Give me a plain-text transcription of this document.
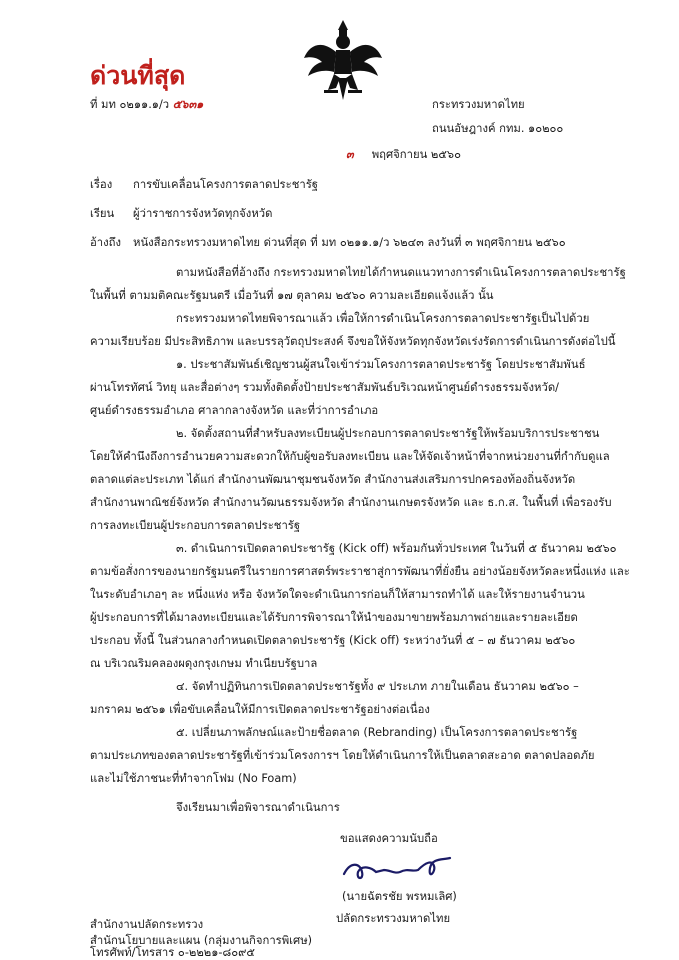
ด่วนที่สุด
ที่ มท ๐๒๑๑.๑/ว ๕๖๓๑	กระทรวงมหาดไทย
ถนนอัษฎางค์ กทม. ๑๐๒๐๐
๓ พฤศจิกายน ๒๕๖๐
เรื่อง การขับเคลื่อนโครงการตลาดประชารัฐ
เรียน ผู้ว่าราชการจังหวัดทุกจังหวัด
อ้างถึง หนังสือกระทรวงมหาดไทย ด่วนที่สุด ที่ มท ๐๒๑๑.๑/ว ๖๒๔๓ ลงวันที่ ๓ พฤศจิกายน ๒๕๖๐
ตามหนังสือที่อ้างถึง กระทรวงมหาดไทยได้กำหนดแนวทางการดำเนินโครงการตลาดประชารัฐ
ในพื้นที่ ตามมติคณะรัฐมนตรี เมื่อวันที่ ๑๗ ตุลาคม ๒๕๖๐ ความละเอียดแจ้งแล้ว นั้น
กระทรวงมหาดไทยพิจารณาแล้ว เพื่อให้การดำเนินโครงการตลาดประชารัฐเป็นไปด้วย
ความเรียบร้อย มีประสิทธิภาพ และบรรลุวัตถุประสงค์ จึงขอให้จังหวัดทุกจังหวัดเร่งรัดการดำเนินการดังต่อไปนี้
๑. ประชาสัมพันธ์เชิญชวนผู้สนใจเข้าร่วมโครงการตลาดประชารัฐ โดยประชาสัมพันธ์
ผ่านโทรทัศน์ วิทยุ และสื่อต่างๆ รวมทั้งติดตั้งป้ายประชาสัมพันธ์บริเวณหน้าศูนย์ดำรงธรรมจังหวัด/
ศูนย์ดำรงธรรมอำเภอ ศาลากลางจังหวัด และที่ว่าการอำเภอ
๒. จัดตั้งสถานที่สำหรับลงทะเบียนผู้ประกอบการตลาดประชารัฐให้พร้อมบริการประชาชน
โดยให้คำนึงถึงการอำนวยความสะดวกให้กับผู้ขอรับลงทะเบียน และให้จัดเจ้าหน้าที่จากหน่วยงานที่กำกับดูแล
ตลาดแต่ละประเภท ได้แก่ สำนักงานพัฒนาชุมชนจังหวัด สำนักงานส่งเสริมการปกครองท้องถิ่นจังหวัด
สำนักงานพาณิชย์จังหวัด สำนักงานวัฒนธรรมจังหวัด สำนักงานเกษตรจังหวัด และ ธ.ก.ส. ในพื้นที่ เพื่อรองรับ
การลงทะเบียนผู้ประกอบการตลาดประชารัฐ
๓. ดำเนินการเปิดตลาดประชารัฐ (Kick off) พร้อมกันทั่วประเทศ ในวันที่ ๕ ธันวาคม ๒๕๖๐
ตามข้อสั่งการของนายกรัฐมนตรีในรายการศาสตร์พระราชาสู่การพัฒนาที่ยั่งยืน อย่างน้อยจังหวัดละหนึ่งแห่ง และ
ในระดับอำเภอๆ ละ หนึ่งแห่ง หรือ จังหวัดใดจะดำเนินการก่อนก็ให้สามารถทำได้ และให้รายงานจำนวน
ผู้ประกอบการที่ได้มาลงทะเบียนและได้รับการพิจารณาให้นำของมาขายพร้อมภาพถ่ายและรายละเอียด
ประกอบ ทั้งนี้ ในส่วนกลางกำหนดเปิดตลาดประชารัฐ (Kick off) ระหว่างวันที่ ๕ – ๗ ธันวาคม ๒๕๖๐
ณ บริเวณริมคลองผดุงกรุงเกษม ทำเนียบรัฐบาล
๔. จัดทำปฏิทินการเปิดตลาดประชารัฐทั้ง ๙ ประเภท ภายในเดือน ธันวาคม ๒๕๖๐ –
มกราคม ๒๕๖๑ เพื่อขับเคลื่อนให้มีการเปิดตลาดประชารัฐอย่างต่อเนื่อง
๕. เปลี่ยนภาพลักษณ์และป้ายชื่อตลาด (Rebranding) เป็นโครงการตลาดประชารัฐ
ตามประเภทของตลาดประชารัฐที่เข้าร่วมโครงการฯ โดยให้ดำเนินการให้เป็นตลาดสะอาด ตลาดปลอดภัย
และไม่ใช้ภาชนะที่ทำจากโฟม (No Foam)
จึงเรียนมาเพื่อพิจารณาดำเนินการ
ขอแสดงความนับถือ
(นายฉัตรชัย พรหมเลิศ)
ปลัดกระทรวงมหาดไทย
สำนักงานปลัดกระทรวง
สำนักนโยบายและแผน (กลุ่มงานกิจการพิเศษ)
โทรศัพท์/โทรสาร ๐-๒๒๒๑-๘๐๙๕
